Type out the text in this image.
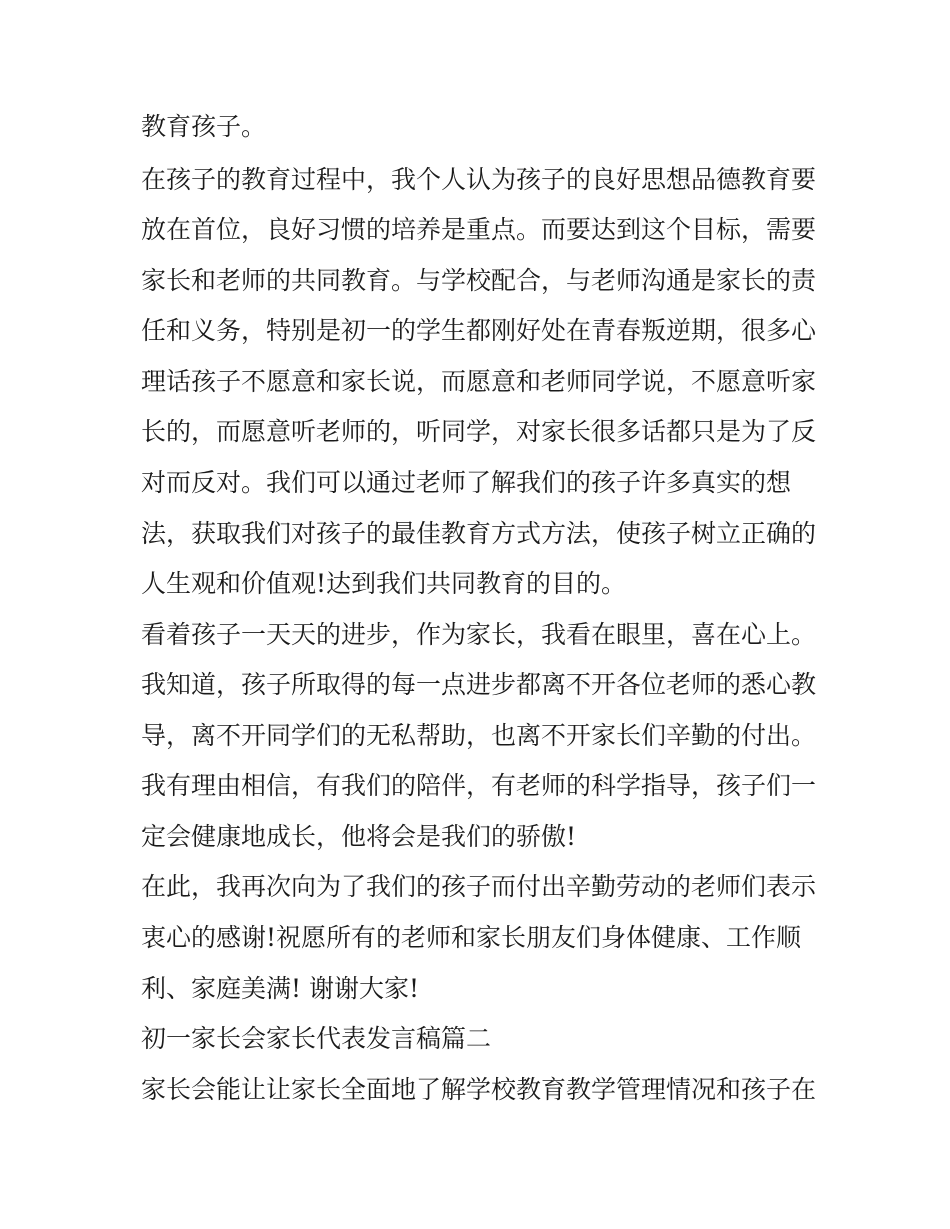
教育孩子。
在孩子的教育过程中，我个人认为孩子的良好思想品德教育要
放在首位，良好习惯的培养是重点。而要达到这个目标，需要
家长和老师的共同教育。与学校配合，与老师沟通是家长的责
任和义务，特别是初一的学生都刚好处在青春叛逆期，很多心
理话孩子不愿意和家长说，而愿意和老师同学说，不愿意听家
长的，而愿意听老师的，听同学，对家长很多话都只是为了反
对而反对。我们可以通过老师了解我们的孩子许多真实的想
法，获取我们对孩子的最佳教育方式方法，使孩子树立正确的
人生观和价值观!达到我们共同教育的目的。
看着孩子一天天的进步，作为家长，我看在眼里，喜在心上。
我知道，孩子所取得的每一点进步都离不开各位老师的悉心教
导，离不开同学们的无私帮助，也离不开家长们辛勤的付出。
我有理由相信，有我们的陪伴，有老师的科学指导，孩子们一
定会健康地成长，他将会是我们的骄傲!
在此，我再次向为了我们的孩子而付出辛勤劳动的老师们表示
衷心的感谢!祝愿所有的老师和家长朋友们身体健康、工作顺
利、家庭美满! 谢谢大家!
初一家长会家长代表发言稿篇二
家长会能让让家长全面地了解学校教育教学管理情况和孩子在
